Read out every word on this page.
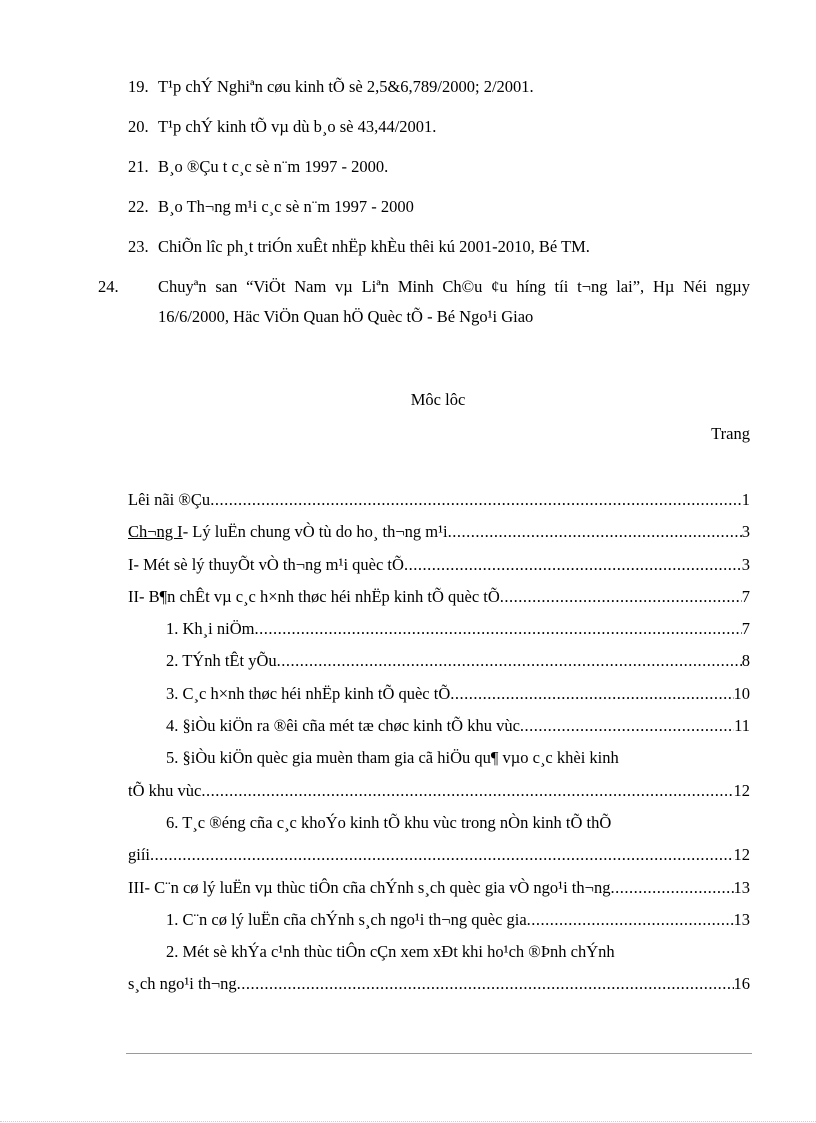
19. T¹p chÝ Nghiªn cøu kinh tÕ sè 2,5&6,789/2000; 2/2001.
20. T¹p chÝ kinh tÕ vµ dù b¸o sè 43,44/2001.
21. B¸o ®Çu t c¸c sè n¨m 1997 - 2000.
22. B¸o Th¬ng m¹i c¸c sè n¨m 1997 - 2000
23. ChiÕn lîc ph¸t triÓn xuÊt nhËp khÈu thêi kú 2001-2010, Bé TM.
24. Chuyªn san “ViÖt Nam vµ Liªn Minh Ch©u ¢u híng tíi t¬ng lai”, Hµ Néi ngµy 16/6/2000, Häc ViÖn Quan hÖ Quèc tÕ - Bé Ngo¹i Giao
Môc lôc
Trang
Lêi nãi ®Çu .....	1
Ch¬ng I- Lý luËn chung vÒ tù do ho¸ th¬ng m¹i .....	3
I- Mét sè lý thuyÕt vÒ th¬ng m¹i quèc tÕ .....	3
II- B¶n chÊt vµ c¸c h×nh thøc héi nhËp kinh tÕ quèc tÕ .....	7
1. Kh¸i niÖm .....	7
2. TÝnh tÊt yÕu .....	8
3. C¸c h×nh thøc héi nhËp kinh tÕ quèc tÕ .....	10
4. §iÒu kiÖn ra ®êi cña mét tæ chøc kinh tÕ khu vùc .....	11
5. §iÒu kiÖn quèc gia muèn tham gia cã hiÖu qu¶ vµo c¸c khèi kinh
tÕ khu vùc .....	12
6. T¸c ®éng cña c¸c khoÝo kinh tÕ khu vùc trong nÒn kinh tÕ thÕ
giíi .....	12
III- C¨n cø lý luËn vµ thùc tiÔn cña chÝnh s¸ch quèc gia vÒ ngo¹i th¬ng .....	13
1. C¨n cø lý luËn cña chÝnh s¸ch ngo¹i th¬ng quèc gia .....	13
2. Mét sè khÝa c¹nh thùc tiÔn cÇn xem xÐt khi ho¹ch ®Þnh chÝnh
s¸ch ngo¹i th¬ng .....	16
